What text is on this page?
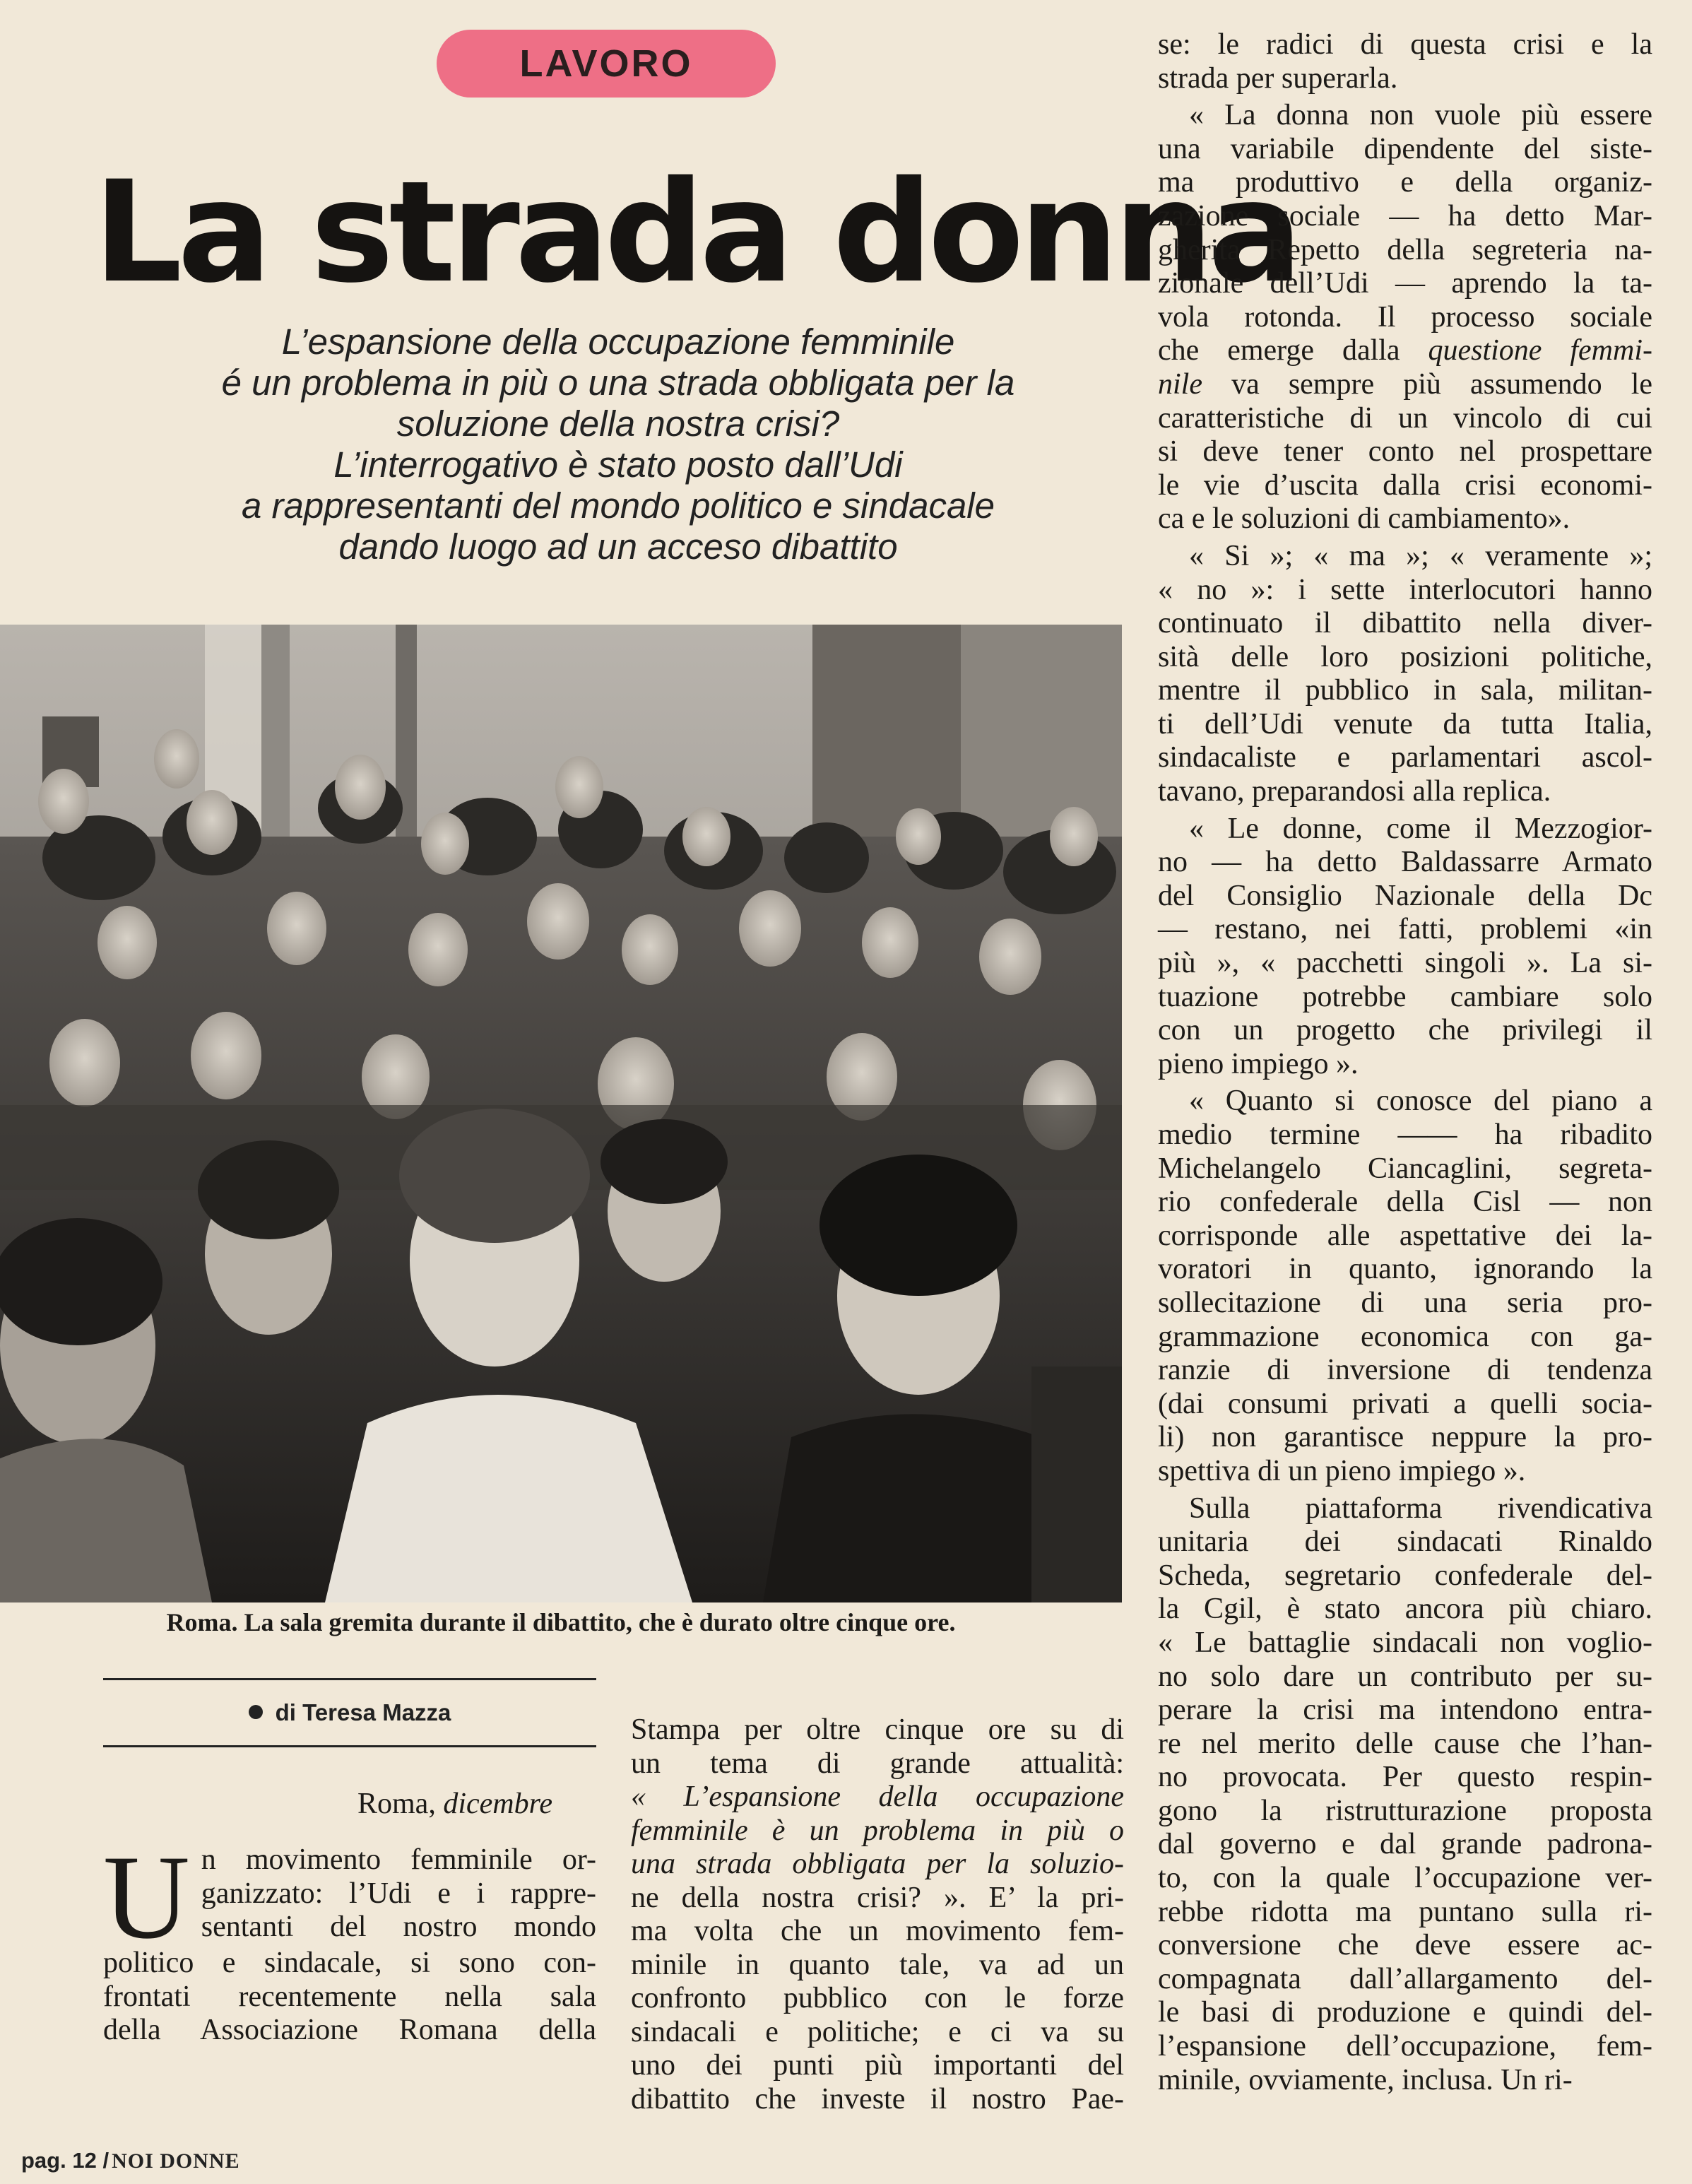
LAVORO
La strada donna
L’espansione della occupazione femminile
é un problema in più o una strada obbligata per la
soluzione della nostra crisi?
L’interrogativo è stato posto dall’Udi
a rappresentanti del mondo politico e sindacale
dando luogo ad un acceso dibattito
Roma. La sala gremita durante il dibattito, che è durato oltre cinque ore.
di Teresa Mazza
Roma, dicembre
U n movimento femminile or-
ganizzato: l’Udi e i rappre-
sentanti del nostro mondo
politico e sindacale, si sono con-
frontati recentemente nella sala
della Associazione Romana della
Stampa per oltre cinque ore su di
un tema di grande attualità:
« L’espansione della occupazione
femminile è un problema in più o
una strada obbligata per la soluzio-
ne della nostra crisi? ». E’ la pri-
ma volta che un movimento fem-
minile in quanto tale, va ad un
confronto pubblico con le forze
sindacali e politiche; e ci va su
uno dei punti più importanti del
dibattito che investe il nostro Pae-
se: le radici di questa crisi e la
strada per superarla.
« La donna non vuole più essere
una variabile dipendente del siste-
ma produttivo e della organiz-
zazione sociale — ha detto Mar-
gherita Repetto della segreteria na-
zionale dell’Udi — aprendo la ta-
vola rotonda. Il processo sociale
che emerge dalla questione femmi-
nile va sempre più assumendo le
caratteristiche di un vincolo di cui
si deve tener conto nel prospettare
le vie d’uscita dalla crisi economi-
ca e le soluzioni di cambiamento».
« Si »; « ma »; « veramente »;
« no »: i sette interlocutori hanno
continuato il dibattito nella diver-
sità delle loro posizioni politiche,
mentre il pubblico in sala, militan-
ti dell’Udi venute da tutta Italia,
sindacaliste e parlamentari ascol-
tavano, preparandosi alla replica.
« Le donne, come il Mezzogior-
no — ha detto Baldassarre Armato
del Consiglio Nazionale della Dc
— restano, nei fatti, problemi «in
più », « pacchetti singoli ». La si-
tuazione potrebbe cambiare solo
con un progetto che privilegi il
pieno impiego ».
« Quanto si conosce del piano a
medio termine —— ha ribadito
Michelangelo Ciancaglini, segreta-
rio confederale della Cisl — non
corrisponde alle aspettative dei la-
voratori in quanto, ignorando la
sollecitazione di una seria pro-
grammazione economica con ga-
ranzie di inversione di tendenza
(dai consumi privati a quelli socia-
li) non garantisce neppure la pro-
spettiva di un pieno impiego ».
Sulla piattaforma rivendicativa
unitaria dei sindacati Rinaldo
Scheda, segretario confederale del-
la Cgil, è stato ancora più chiaro.
« Le battaglie sindacali non voglio-
no solo dare un contributo per su-
perare la crisi ma intendono entra-
re nel merito delle cause che l’han-
no provocata. Per questo respin-
gono la ristrutturazione proposta
dal governo e dal grande padrona-
to, con la quale l’occupazione ver-
rebbe ridotta ma puntano sulla ri-
conversione che deve essere ac-
compagnata dall’allargamento del-
le basi di produzione e quindi del-
l’espansione dell’occupazione, fem-
minile, ovviamente, inclusa. Un ri-
pag. 12 / NOI DONNE
